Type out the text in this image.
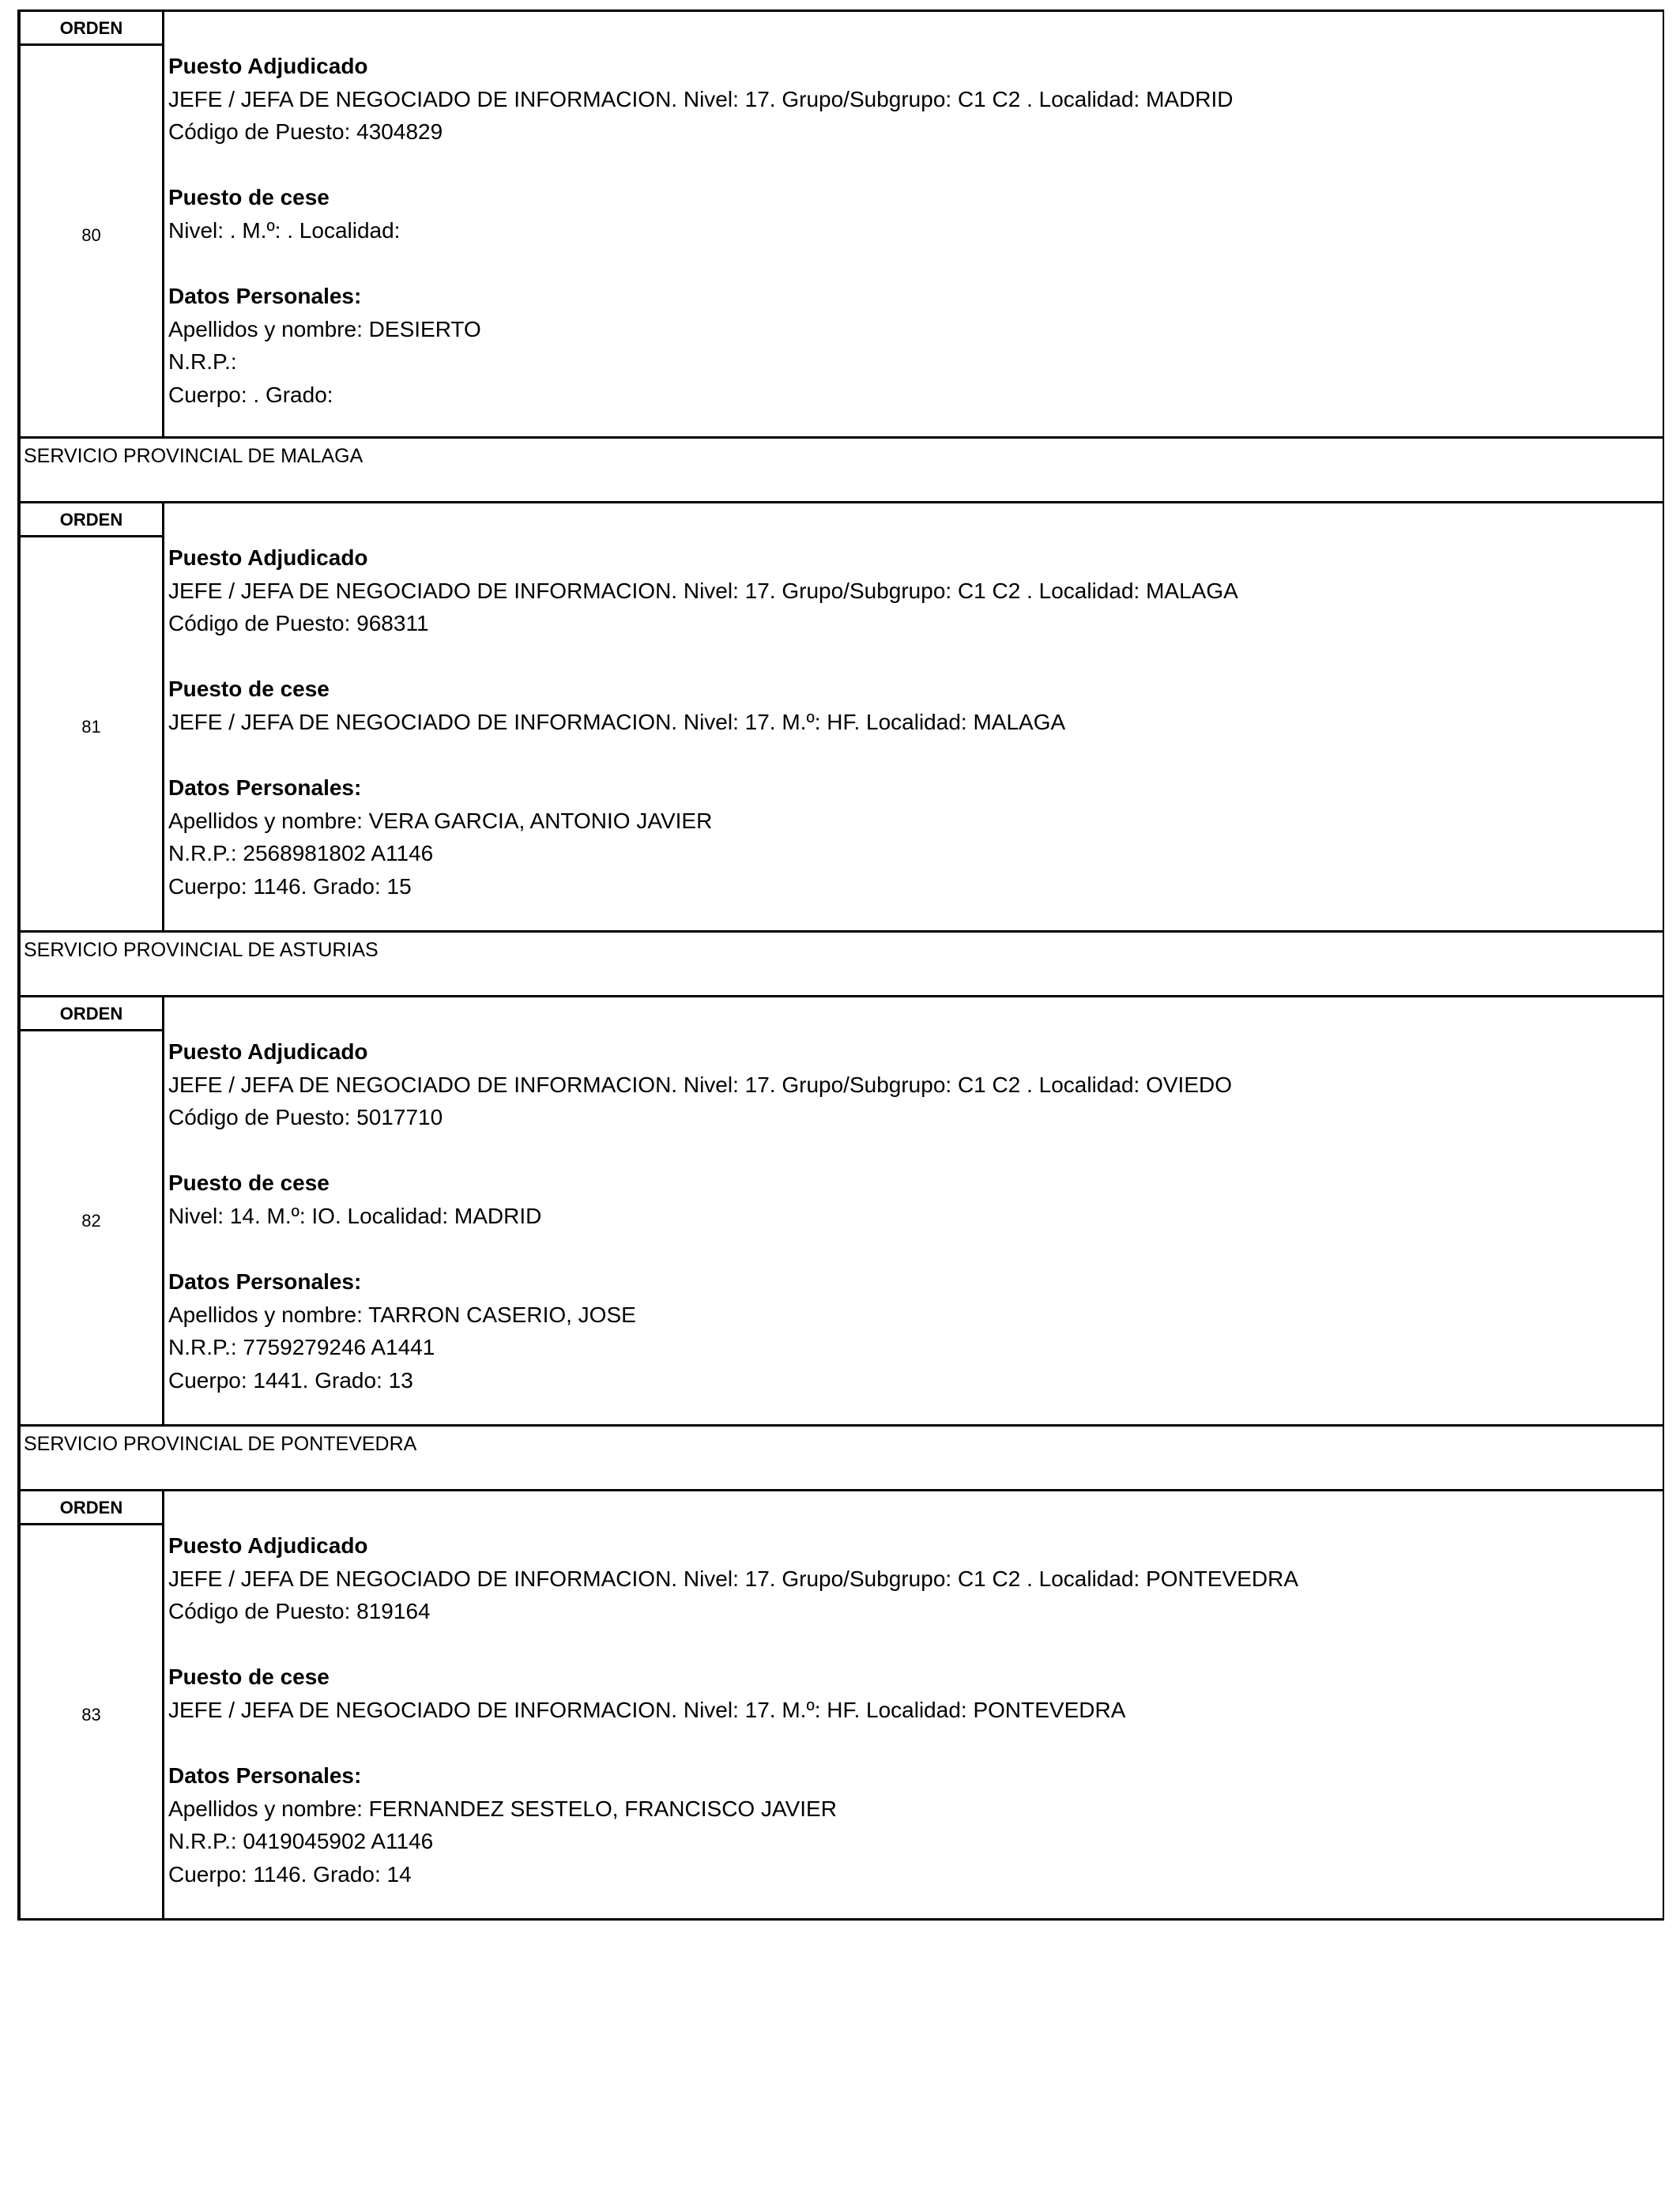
ORDEN
80
Puesto Adjudicado
JEFE / JEFA DE NEGOCIADO DE INFORMACION. Nivel: 17. Grupo/Subgrupo: C1 C2 . Localidad: MADRID
Código de Puesto: 4304829
Puesto de cese
Nivel: . M.º: . Localidad:
Datos Personales:
Apellidos y nombre: DESIERTO
N.R.P.:
Cuerpo: . Grado:
SERVICIO PROVINCIAL DE MALAGA
ORDEN
81
Puesto Adjudicado
JEFE / JEFA DE NEGOCIADO DE INFORMACION. Nivel: 17. Grupo/Subgrupo: C1 C2 . Localidad: MALAGA
Código de Puesto: 968311
Puesto de cese
JEFE / JEFA DE NEGOCIADO DE INFORMACION. Nivel: 17. M.º: HF. Localidad: MALAGA
Datos Personales:
Apellidos y nombre: VERA GARCIA, ANTONIO JAVIER
N.R.P.: 2568981802 A1146
Cuerpo: 1146. Grado: 15
SERVICIO PROVINCIAL DE ASTURIAS
ORDEN
82
Puesto Adjudicado
JEFE / JEFA DE NEGOCIADO DE INFORMACION. Nivel: 17. Grupo/Subgrupo: C1 C2 . Localidad: OVIEDO
Código de Puesto: 5017710
Puesto de cese
Nivel: 14. M.º: IO. Localidad: MADRID
Datos Personales:
Apellidos y nombre: TARRON CASERIO, JOSE
N.R.P.: 7759279246 A1441
Cuerpo: 1441. Grado: 13
SERVICIO PROVINCIAL DE PONTEVEDRA
ORDEN
83
Puesto Adjudicado
JEFE / JEFA DE NEGOCIADO DE INFORMACION. Nivel: 17. Grupo/Subgrupo: C1 C2 . Localidad: PONTEVEDRA
Código de Puesto: 819164
Puesto de cese
JEFE / JEFA DE NEGOCIADO DE INFORMACION. Nivel: 17. M.º: HF. Localidad: PONTEVEDRA
Datos Personales:
Apellidos y nombre: FERNANDEZ SESTELO, FRANCISCO JAVIER
N.R.P.: 0419045902 A1146
Cuerpo: 1146. Grado: 14
